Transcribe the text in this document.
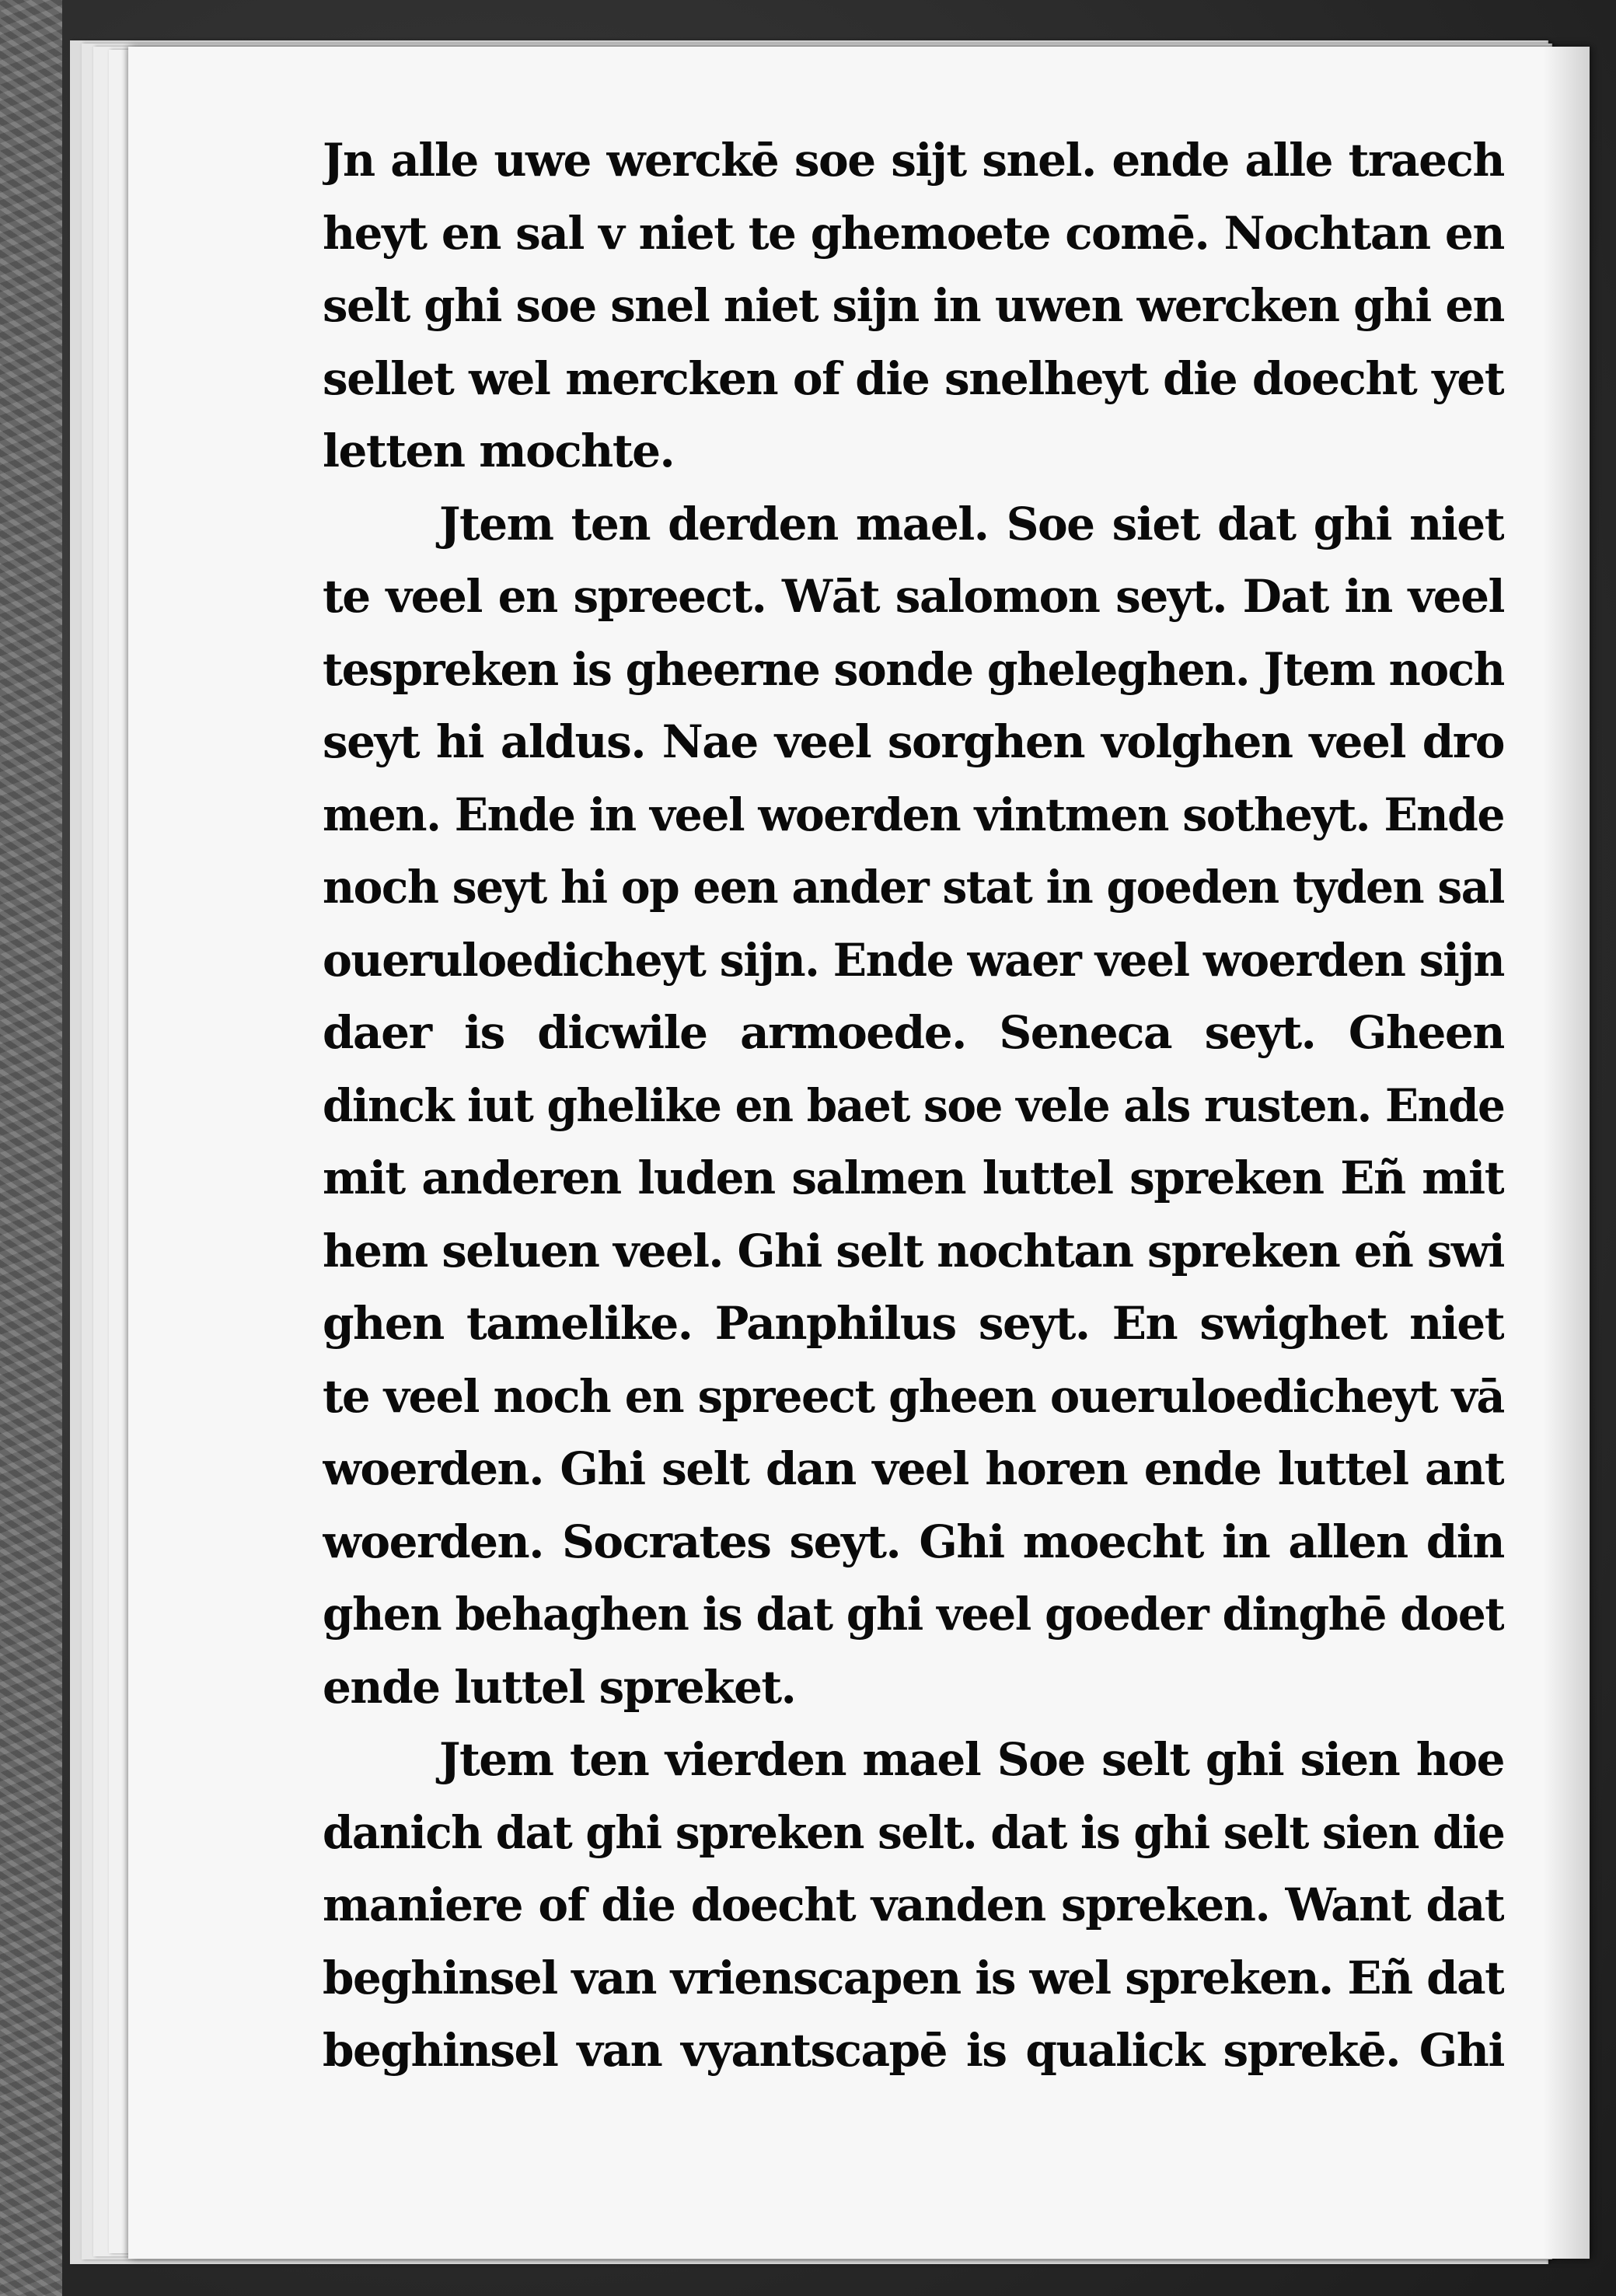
Jn alle uwe werckē soe sijt snel. ende alle traech
heyt en sal v niet te ghemoete comē. Nochtan en
selt ghi soe snel niet sijn in uwen wercken ghi en
sellet wel mercken of die snelheyt die doecht yet
letten mochte.
Jtem ten derden mael. Soe siet dat ghi niet
te veel en spreect. Wāt salomon seyt. Dat in veel
tespreken is gheerne sonde gheleghen. Jtem noch
seyt hi aldus. Nae veel sorghen volghen veel dro
men. Ende in veel woerden vintmen sotheyt. Ende
noch seyt hi op een ander stat in goeden tyden sal
oueruloedicheyt sijn. Ende waer veel woerden sijn
daer is dicwile armoede. Seneca seyt. Gheen
dinck iut ghelike en baet soe vele als rusten. Ende
mit anderen luden salmen luttel spreken Eñ mit
hem seluen veel. Ghi selt nochtan spreken eñ swi
ghen tamelike. Panphilus seyt. En swighet niet
te veel noch en spreect gheen oueruloedicheyt vā
woerden. Ghi selt dan veel horen ende luttel ant
woerden. Socrates seyt. Ghi moecht in allen din
ghen behaghen is dat ghi veel goeder dinghē doet
ende luttel spreket.
Jtem ten vierden mael Soe selt ghi sien hoe
danich dat ghi spreken selt. dat is ghi selt sien die
maniere of die doecht vanden spreken. Want dat
beghinsel van vrienscapen is wel spreken. Eñ dat
beghinsel van vyantscapē is qualick sprekē. Ghi
